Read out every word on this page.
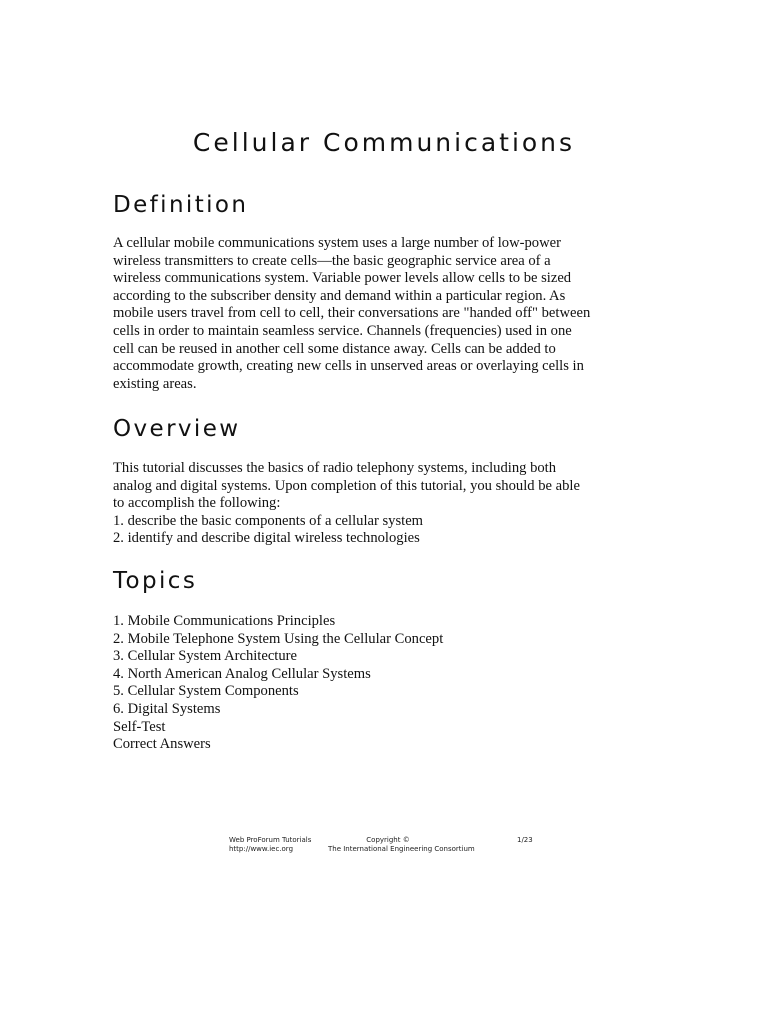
Cellular Communications
Definition
A cellular mobile communications system uses a large number of low-power
wireless transmitters to create cells—the basic geographic service area of a
wireless communications system. Variable power levels allow cells to be sized
according to the subscriber density and demand within a particular region. As
mobile users travel from cell to cell, their conversations are "handed off" between
cells in order to maintain seamless service. Channels (frequencies) used in one
cell can be reused in another cell some distance away. Cells can be added to
accommodate growth, creating new cells in unserved areas or overlaying cells in
existing areas.
Overview
This tutorial discusses the basics of radio telephony systems, including both
analog and digital systems. Upon completion of this tutorial, you should be able
to accomplish the following:
1. describe the basic components of a cellular system
2. identify and describe digital wireless technologies
Topics
1. Mobile Communications Principles
2. Mobile Telephone System Using the Cellular Concept
3. Cellular System Architecture
4. North American Analog Cellular Systems
5. Cellular System Components
6. Digital Systems
Self-Test
Correct Answers
Web ProForum Tutorials
http://www.iec.org
Copyright ©
The International Engineering Consortium
1/23
